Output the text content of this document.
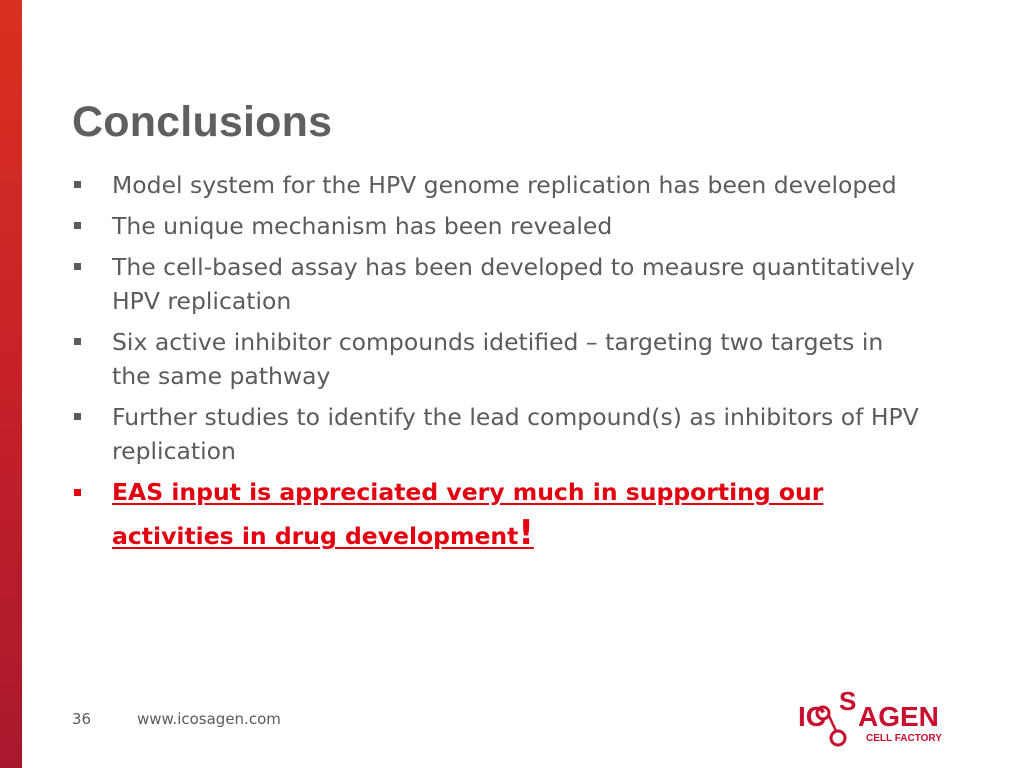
Conclusions
Model system for the HPV genome replication has been developed
The unique mechanism has been revealed
The cell-based assay has been developed to meausre quantitatively HPV replication
Six active inhibitor compounds idetified – targeting two targets in  the same pathway
Further studies to identify the lead compound(s) as inhibitors of HPV replication
EAS input is appreciated very much in supporting our activities in drug development!
36	www.icosagen.com	IC S AGEN
CELL FACTORY
